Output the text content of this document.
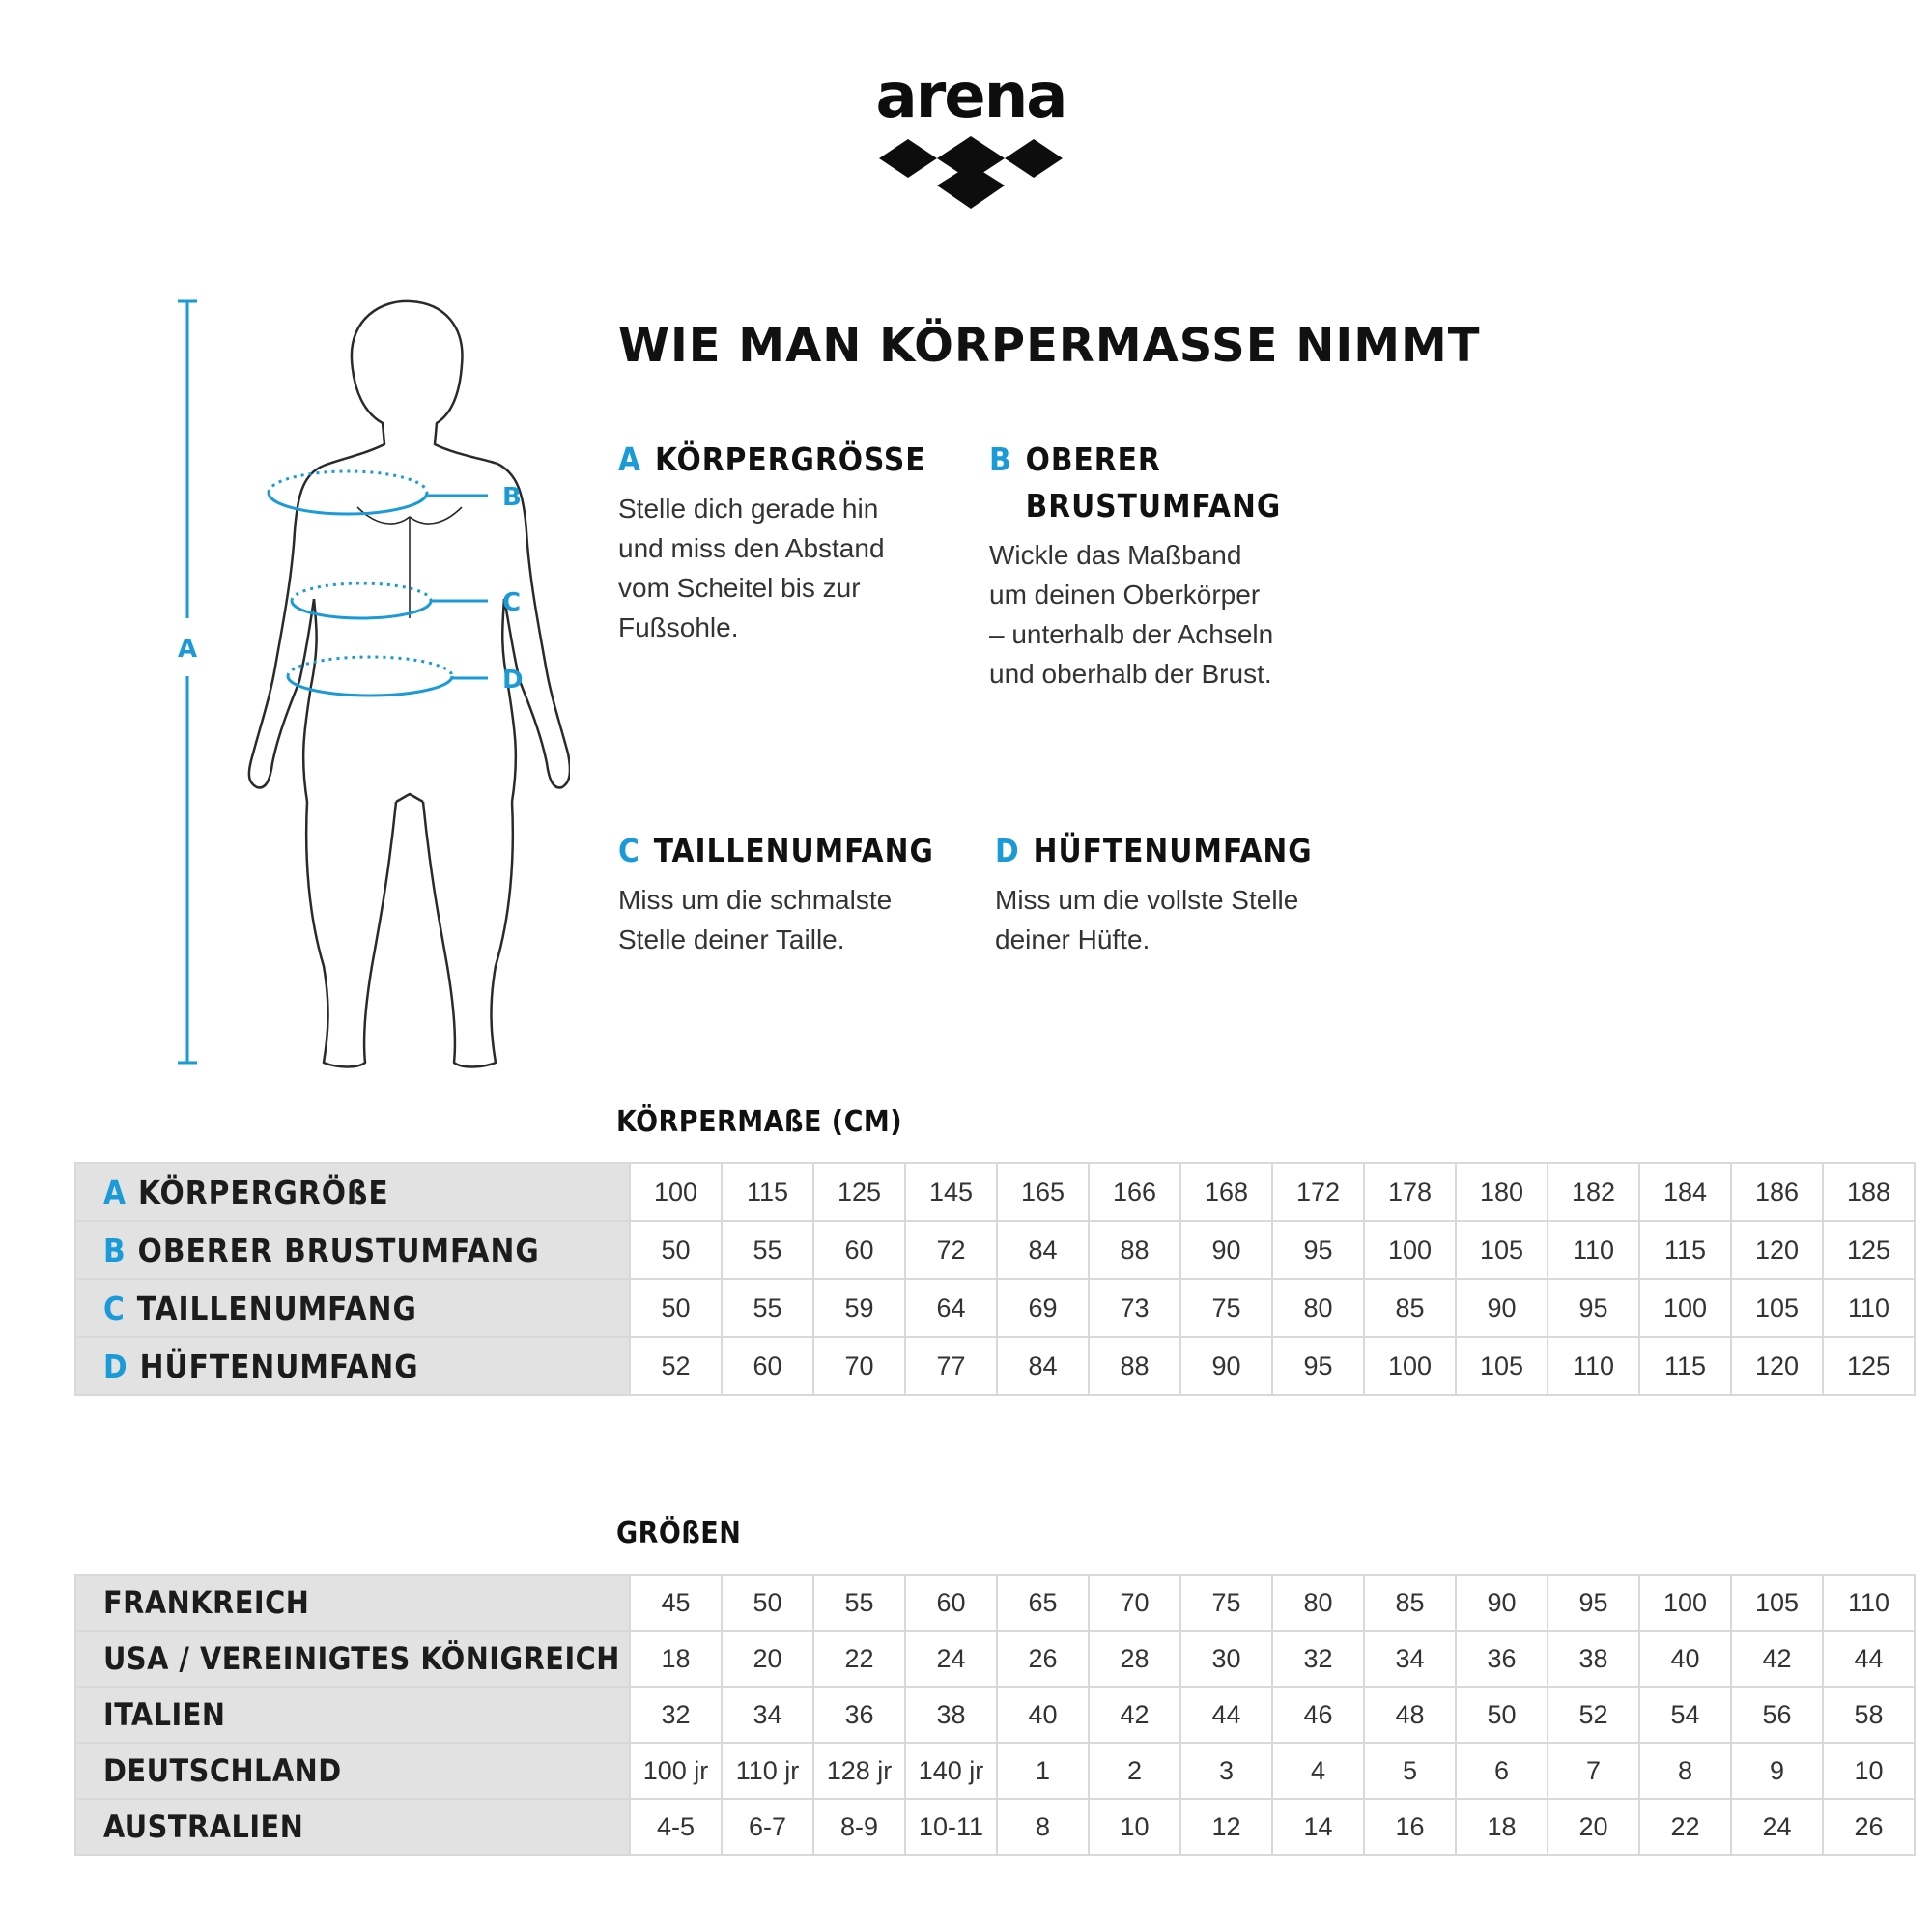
arena
A
B
C
D
WIE MAN KÖRPERMASSE NIMMT
A KÖRPERGRÖSSE
Stelle dich gerade hin
und miss den Abstand
vom Scheitel bis zur
Fußsohle.
B OBERER
BRUSTUMFANG
Wickle das Maßband
um deinen Oberkörper
– unterhalb der Achseln
und oberhalb der Brust.
C TAILLENUMFANG
Miss um die schmalste
Stelle deiner Taille.
D HÜFTENUMFANG
Miss um die vollste Stelle
deiner Hüfte.
KÖRPERMAßE (CM)
A KÖRPERGRÖßE	100	115	125	145	165	166	168	172	178	180	182	184	186	188
B OBERER BRUSTUMFANG	50	55	60	72	84	88	90	95	100	105	110	115	120	125
C TAILLENUMFANG	50	55	59	64	69	73	75	80	85	90	95	100	105	110
D HÜFTENUMFANG	52	60	70	77	84	88	90	95	100	105	110	115	120	125
GRÖßEN
FRANKREICH	45	50	55	60	65	70	75	80	85	90	95	100	105	110
USA / VEREINIGTES KÖNIGREICH	18	20	22	24	26	28	30	32	34	36	38	40	42	44
ITALIEN	32	34	36	38	40	42	44	46	48	50	52	54	56	58
DEUTSCHLAND	100 jr	110 jr	128 jr	140 jr	1	2	3	4	5	6	7	8	9	10
AUSTRALIEN	4-5	6-7	8-9	10-11	8	10	12	14	16	18	20	22	24	26
